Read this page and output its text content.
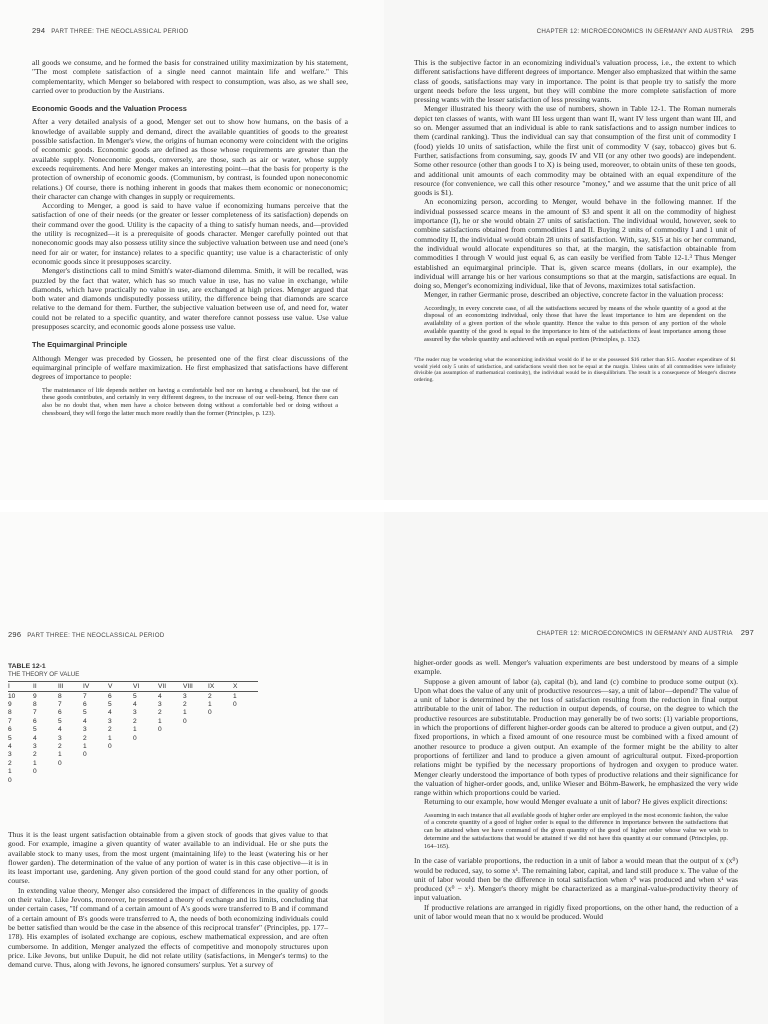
294 PART THREE: THE NEOCLASSICAL PERIOD

all goods we consume, and he formed the basis for constrained utility maximization by his statement, "The most complete satisfaction of a single need cannot maintain life and welfare." This complementarity, which Menger so belabored with respect to consumption, was also, as we shall see, carried over to production by the Austrians.

Economic Goods and the Valuation Process

After a very detailed analysis of a good, Menger set out to show how humans, on the basis of a knowledge of available supply and demand, direct the available quantities of goods to the greatest possible satisfaction. In Menger's view, the origins of human economy were coincident with the origins of economic goods. Economic goods are defined as those whose requirements are greater than the available supply. Noneconomic goods, conversely, are those, such as air or water, whose supply exceeds requirements. And here Menger makes an interesting point—that the basis for property is the protection of ownership of economic goods. (Communism, by contrast, is founded upon noneconomic relations.) Of course, there is nothing inherent in goods that makes them economic or noneconomic; their character can change with changes in supply or requirements.

According to Menger, a good is said to have value if economizing humans perceive that the satisfaction of one of their needs (or the greater or lesser completeness of its satisfaction) depends on their command over the good. Utility is the capacity of a thing to satisfy human needs, and—provided the utility is recognized—it is a prerequisite of goods character. Menger carefully pointed out that noneconomic goods may also possess utility since the subjective valuation between use and need (one's need for air or water, for instance) relates to a specific quantity; use value is a characteristic of only economic goods since it presupposes scarcity.

Menger's distinctions call to mind Smith's water-diamond dilemma. Smith, it will be recalled, was puzzled by the fact that water, which has so much value in use, has no value in exchange, while diamonds, which have practically no value in use, are exchanged at high prices. Menger argued that both water and diamonds undisputedly possess utility, the difference being that diamonds are scarce relative to the demand for them. Further, the subjective valuation between use of, and need for, water could not be related to a specific quantity, and water therefore cannot possess use value. Use value presupposes scarcity, and economic goods alone possess use value.

The Equimarginal Principle

Although Menger was preceded by Gossen, he presented one of the first clear discussions of the equimarginal principle of welfare maximization. He first emphasized that satisfactions have different degrees of importance to people:

The maintenance of life depends neither on having a comfortable bed nor on having a chessboard, but the use of these goods contributes, and certainly in very different degrees, to the increase of our well-being. Hence there can also be no doubt that, when men have a choice between doing without a comfortable bed or doing without a chessboard, they will forgo the latter much more readily than the former (Principles, p. 123).
CHAPTER 12: MICROECONOMICS IN GERMANY AND AUSTRIA 295

This is the subjective factor in an economizing individual's valuation process, i.e., the extent to which different satisfactions have different degrees of importance. Menger also emphasized that within the same class of goods, satisfactions may vary in importance. The point is that people try to satisfy the more urgent needs before the less urgent, but they will combine the more complete satisfaction of more pressing wants with the lesser satisfaction of less pressing wants.

Menger illustrated his theory with the use of numbers, shown in Table 12-1. The Roman numerals depict ten classes of wants, with want III less urgent than want II, want IV less urgent than want III, and so on. Menger assumed that an individual is able to rank satisfactions and to assign number indices to them (cardinal ranking). Thus the individual can say that consumption of the first unit of commodity I (food) yields 10 units of satisfaction, while the first unit of commodity V (say, tobacco) gives but 6. Further, satisfactions from consuming, say, goods IV and VII (or any other two goods) are independent. Some other resource (other than goods I to X) is being used, moreover, to obtain units of these ten goods, and additional unit amounts of each commodity may be obtained with an equal expenditure of the resource (for convenience, we call this other resource "money," and we assume that the unit price of all goods is $1).

An economizing person, according to Menger, would behave in the following manner. If the individual possessed scarce means in the amount of $3 and spent it all on the commodity of highest importance (I), he or she would obtain 27 units of satisfaction. The individual would, however, seek to combine satisfactions obtained from commodities I and II. Buying 2 units of commodity I and 1 unit of commodity II, the individual would obtain 28 units of satisfaction. With, say, $15 at his or her command, the individual would allocate expenditures so that, at the margin, the satisfaction obtainable from commodities I through V would just equal 6, as can easily be verified from Table 12-1.³ Thus Menger established an equimarginal principle. That is, given scarce means (dollars, in our example), the individual will arrange his or her various consumptions so that at the margin, satisfactions are equal. In doing so, Menger's economizing individual, like that of Jevons, maximizes total satisfaction.

Menger, in rather Germanic prose, described an objective, concrete factor in the valuation process:

Accordingly, in every concrete case, of all the satisfactions secured by means of the whole quantity of a good at the disposal of an economizing individual, only those that have the least importance to him are dependent on the availability of a given portion of the whole quantity. Hence the value to this person of any portion of the whole available quantity of the good is equal to the importance to him of the satisfactions of least importance among those assured by the whole quantity and achieved with an equal portion (Principles, p. 132).
³The reader may be wondering what the economizing individual would do if he or she possessed $16 rather than $15. Another expenditure of $1 would yield only 5 units of satisfaction, and satisfactions would then not be equal at the margin. Unless units of all commodities were infinitely divisible (an assumption of mathematical continuity), the individual would be in disequilibrium. The result is a consequence of Menger's discrete ordering.
296 PART THREE: THE NEOCLASSICAL PERIOD
TABLE 12-1
THE THEORY OF VALUE
I	II	III	IV	V	VI	VII	VIII	IX	X
10	9	8	7	6	5	4	3	2	1
9	8	7	6	5	4	3	2	1	0
8	7	6	5	4	3	2	1	0	
7	6	5	4	3	2	1	0		
6	5	4	3	2	1	0			
5	4	3	2	1	0				
4	3	2	1	0					
3	2	1	0						
2	1	0							
1	0								
0									

Thus it is the least urgent satisfaction obtainable from a given stock of goods that gives value to that good. For example, imagine a given quantity of water available to an individual. He or she puts the available stock to many uses, from the most urgent (maintaining life) to the least (watering his or her flower garden). The determination of the value of any portion of water is in this case objective—it is in its least important use, gardening. Any given portion of the good could stand for any other portion, of course.

In extending value theory, Menger also considered the impact of differences in the quality of goods on their value. Like Jevons, moreover, he presented a theory of exchange and its limits, concluding that under certain cases, "If command of a certain amount of A's goods were transferred to B and if command of a certain amount of B's goods were transferred to A, the needs of both economizing individuals could be better satisfied than would be the case in the absence of this reciprocal transfer" (Principles, pp. 177–178). His examples of isolated exchange are copious, eschew mathematical expression, and are often cumbersome. In addition, Menger analyzed the effects of competitive and monopoly structures upon price. Like Jevons, but unlike Dupuit, he did not relate utility (satisfactions, in Menger's terms) to the demand curve. Thus, along with Jevons, he ignored consumers' surplus. Yet a survey of

CHAPTER 12: MICROECONOMICS IN GERMANY AND AUSTRIA 297

higher-order goods as well. Menger's valuation experiments are best understood by means of a simple example.

Suppose a given amount of labor (a), capital (b), and land (c) combine to produce some output (x). Upon what does the value of any unit of productive resources—say, a unit of labor—depend? The value of a unit of labor is determined by the net loss of satisfaction resulting from the reduction in final output attributable to the unit of labor. The reduction in output depends, of course, on the degree to which the productive resources are substitutable. Production may generally be of two sorts: (1) variable proportions, in which the proportions of different higher-order goods can be altered to produce a given output, and (2) fixed proportions, in which a fixed amount of one resource must be combined with a fixed amount of another resource to produce a given output. An example of the former might be the ability to alter proportions of fertilizer and land to produce a given amount of agricultural output. Fixed-proportion relations might be typified by the necessary proportions of hydrogen and oxygen to produce water. Menger clearly understood the importance of both types of productive relations and their significance for the valuation of higher-order goods, and, unlike Wieser and Böhm-Bawerk, he emphasized the very wide range within which proportions could be varied.

Returning to our example, how would Menger evaluate a unit of labor? He gives explicit directions:

Assuming in each instance that all available goods of higher order are employed in the most economic fashion, the value of a concrete quantity of a good of higher order is equal to the difference in importance between the satisfactions that can be attained when we have command of the given quantity of the good of higher order whose value we wish to determine and the satisfactions that would be attained if we did not have this quantity at our command (Principles, pp. 164–165).

In the case of variable proportions, the reduction in a unit of labor a would mean that the output of x (x⁰) would be reduced, say, to some x¹. The remaining labor, capital, and land still produce x. The value of the unit of labor would then be the difference in total satisfaction when x⁰ was produced and when x¹ was produced (x⁰ − x¹). Menger's theory might be characterized as a marginal-value-productivity theory of input valuation.

If productive relations are arranged in rigidly fixed proportions, on the other hand, the reduction of a unit of labor would mean that no x would be produced. Would
